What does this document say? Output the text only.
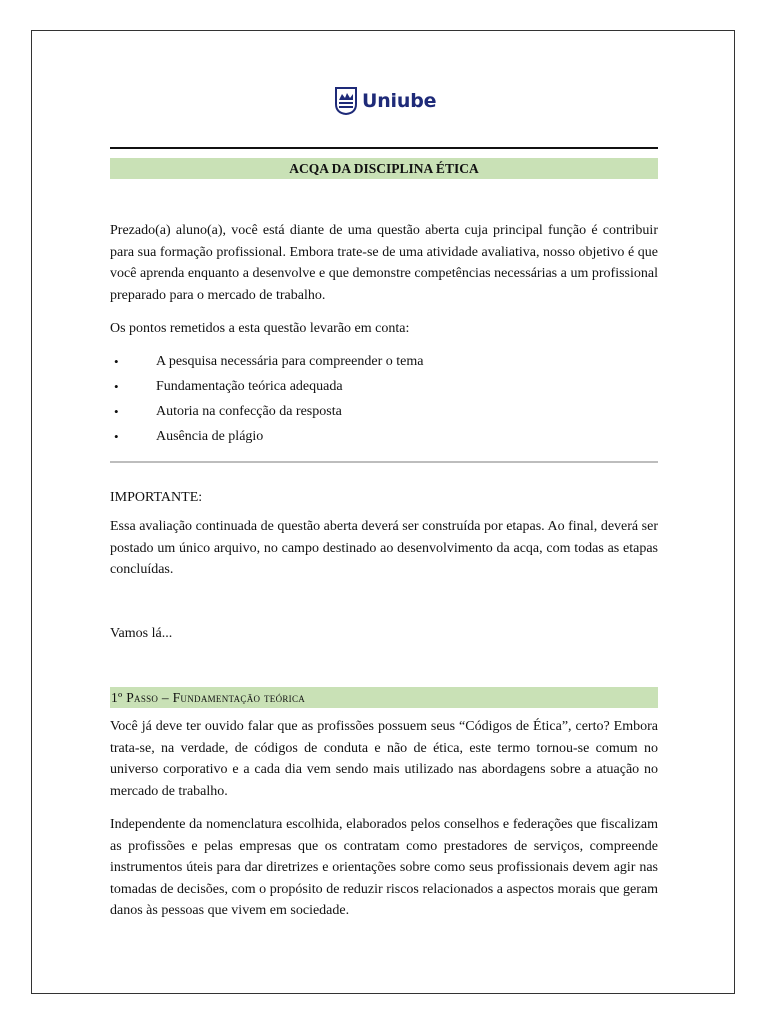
Uniube
ACQA DA DISCIPLINA ÉTICA

Prezado(a) aluno(a), você está diante de uma questão aberta cuja principal função é contribuir para sua formação profissional. Embora trate-se de uma atividade avaliativa, nosso objetivo é que você aprenda enquanto a desenvolve e que demonstre competências necessárias a um profissional preparado para o mercado de trabalho.

Os pontos remetidos a esta questão levarão em conta:

•	A pesquisa necessária para compreender o tema
•	Fundamentação teórica adequada
•	Autoria na confecção da resposta
•	Ausência de plágio

IMPORTANTE:

Essa avaliação continuada de questão aberta deverá ser construída por etapas. Ao final, deverá ser postado um único arquivo, no campo destinado ao desenvolvimento da acqa, com todas as etapas concluídas.

Vamos lá...

1º Passo – Fundamentação teórica

Você já deve ter ouvido falar que as profissões possuem seus “Códigos de Ética”, certo? Embora trata-se, na verdade, de códigos de conduta e não de ética, este termo tornou-se comum no universo corporativo e a cada dia vem sendo mais utilizado nas abordagens sobre a atuação no mercado de trabalho.

Independente da nomenclatura escolhida, elaborados pelos conselhos e federações que fiscalizam as profissões e pelas empresas que os contratam como prestadores de serviços, compreende instrumentos úteis para dar diretrizes e orientações sobre como seus profissionais devem agir nas tomadas de decisões, com o propósito de reduzir riscos relacionados a aspectos morais que geram danos às pessoas que vivem em sociedade.
